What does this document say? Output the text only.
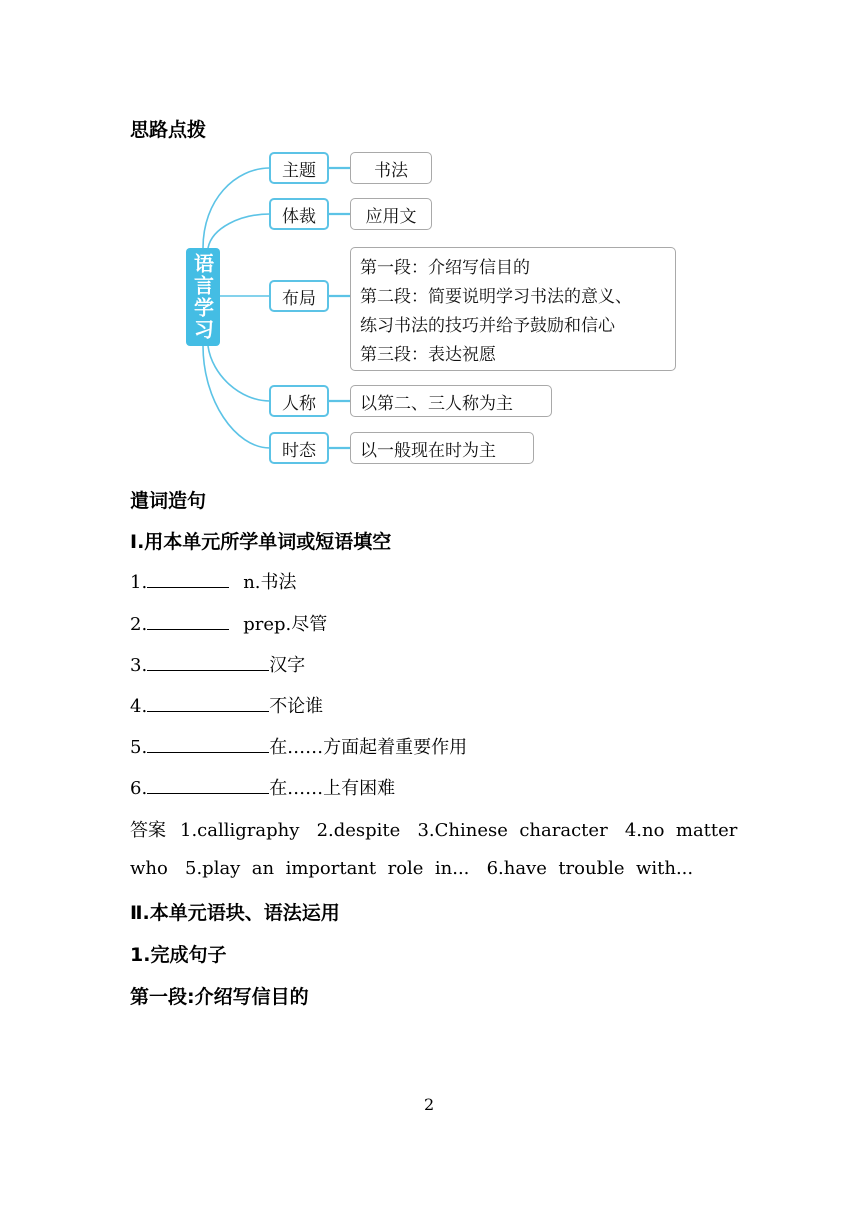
思路点拨
语言学习
主题	书法
体裁	应用文
布局
第一段：介绍写信目的
第二段：简要说明学习书法的意义、
练习书法的技巧并给予鼓励和信心
第三段：表达祝愿
人称	以第二、三人称为主
时态	以一般现在时为主
遣词造句
Ⅰ.用本单元所学单词或短语填空
1.	n.书法
2.	prep.尽管
3.	汉字
4.	不论谁
5.	在……方面起着重要作用
6.	在……上有困难
答案 1.calligraphy   2.despite   3.Chinese  character   4.no  matter
who   5.play  an  important  role  in...   6.have  trouble  with...
Ⅱ.本单元语块、语法运用
1.完成句子
第一段:介绍写信目的
2
